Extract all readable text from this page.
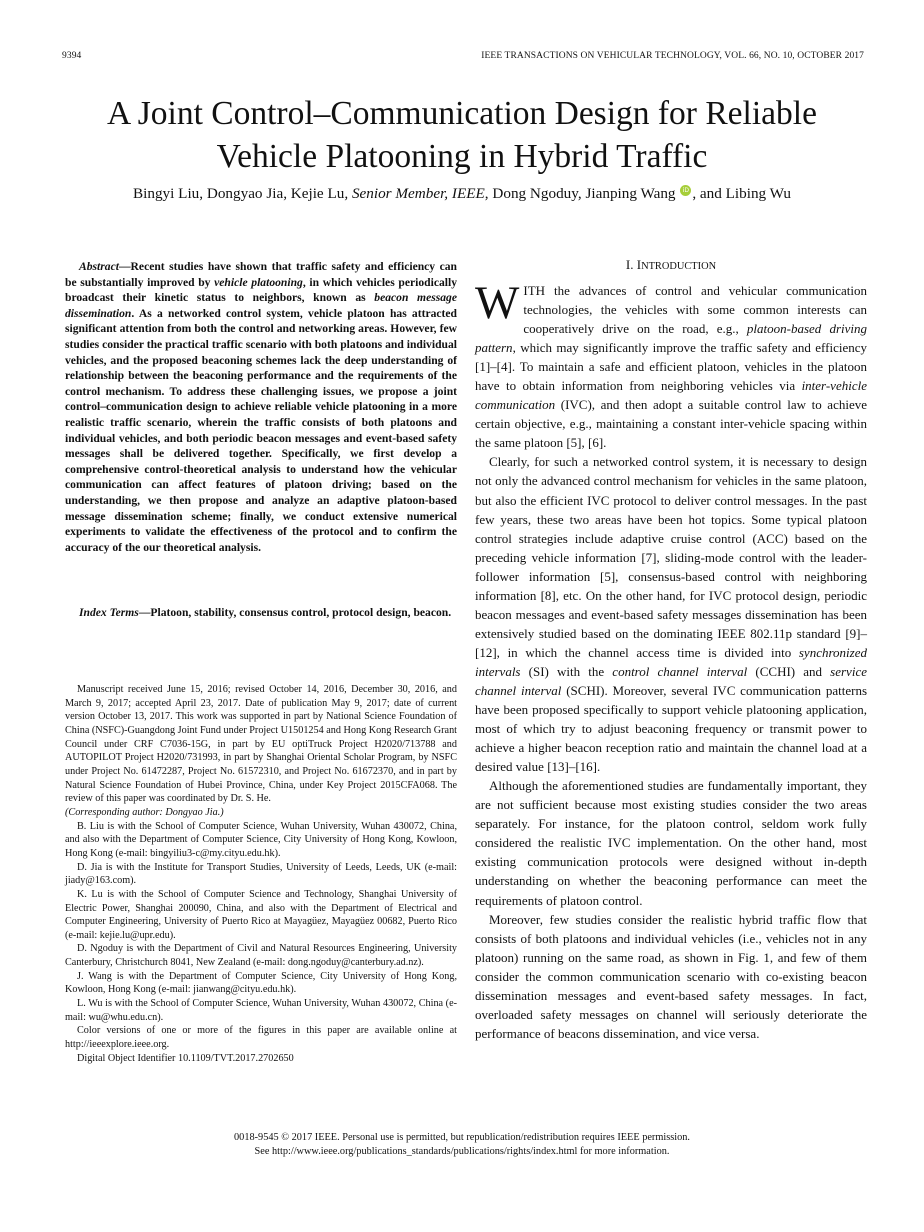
9394	IEEE TRANSACTIONS ON VEHICULAR TECHNOLOGY, VOL. 66, NO. 10, OCTOBER 2017
A Joint Control–Communication Design for Reliable
Vehicle Platooning in Hybrid Traffic
Bingyi Liu, Dongyao Jia, Kejie Lu, Senior Member, IEEE, Dong Ngoduy, Jianping Wang iD , and Libing Wu

Abstract—Recent studies have shown that traffic safety and efficiency can be substantially improved by vehicle platooning, in which vehicles periodically broadcast their kinetic status to neighbors, known as beacon message dissemination. As a networked control system, vehicle platoon has attracted significant attention from both the control and networking areas. However, few studies consider the practical traffic scenario with both platoons and individual vehicles, and the proposed beaconing schemes lack the deep understanding of relationship between the beaconing performance and the requirements of the control mechanism. To address these challenging issues, we propose a joint control–communication design to achieve reliable vehicle platooning in a more realistic traffic scenario, wherein the traffic consists of both platoons and individual vehicles, and both periodic beacon messages and event-based safety messages shall be delivered together. Specifically, we first develop a comprehensive control-theoretical analysis to understand how the vehicular communication can affect features of platoon driving; based on the understanding, we then propose and analyze an adaptive platoon-based message dissemination scheme; finally, we conduct extensive numerical experiments to validate the effectiveness of the protocol and to confirm the accuracy of the our theoretical analysis.

Index Terms—Platoon, stability, consensus control, protocol design, beacon.

Manuscript received June 15, 2016; revised October 14, 2016, December 30, 2016, and March 9, 2017; accepted April 23, 2017. Date of publication May 9, 2017; date of current version October 13, 2017. This work was supported in part by National Science Foundation of China (NSFC)-Guangdong Joint Fund under Project U1501254 and Hong Kong Research Grant Council under CRF C7036-15G, in part by EU optiTruck Project H2020/713788 and AUTOPILOT Project H2020/731993, in part by Shanghai Oriental Scholar Program, by NSFC under Project No. 61472287, Project No. 61572310, and Project No. 61672370, and in part by Natural Science Foundation of Hubei Province, China, under Key Project 2015CFA068. The review of this paper was coordinated by Dr. S. He.

(Corresponding author: Dongyao Jia.)

B. Liu is with the School of Computer Science, Wuhan University, Wuhan 430072, China, and also with the Department of Computer Science, City University of Hong Kong, Kowloon, Hong Kong (e-mail: bingyiliu3-c@my.cityu.edu.hk).

D. Jia is with the Institute for Transport Studies, University of Leeds, Leeds, UK (e-mail: jiady@163.com).

K. Lu is with the School of Computer Science and Technology, Shanghai University of Electric Power, Shanghai 200090, China, and also with the Department of Electrical and Computer Engineering, University of Puerto Rico at Mayagüez, Mayagüez 00682, Puerto Rico (e-mail: kejie.lu@upr.edu).

D. Ngoduy is with the Department of Civil and Natural Resources Engineering, University Canterbury, Christchurch 8041, New Zealand (e-mail: dong.ngoduy@canterbury.ad.nz).

J. Wang is with the Department of Computer Science, City University of Hong Kong, Kowloon, Hong Kong (e-mail: jianwang@cityu.edu.hk).

L. Wu is with the School of Computer Science, Wuhan University, Wuhan 430072, China (e-mail: wu@whu.edu.cn).

Color versions of one or more of the figures in this paper are available online at http://ieeexplore.ieee.org.

Digital Object Identifier 10.1109/TVT.2017.2702650

I. INTRODUCTION

WITH the advances of control and vehicular communication technologies, the vehicles with some common interests can cooperatively drive on the road, e.g., platoon-based driving pattern, which may significantly improve the traffic safety and efficiency [1]–[4]. To maintain a safe and efficient platoon, vehicles in the platoon have to obtain information from neighboring vehicles via inter-vehicle communication (IVC), and then adopt a suitable control law to achieve certain objective, e.g., maintaining a constant inter-vehicle spacing within the same platoon [5], [6].

Clearly, for such a networked control system, it is necessary to design not only the advanced control mechanism for vehicles in the same platoon, but also the efficient IVC protocol to deliver control messages. In the past few years, these two areas have been hot topics. Some typical platoon control strategies include adaptive cruise control (ACC) based on the preceding vehicle information [7], sliding-mode control with the leader-follower information [5], consensus-based control with neighboring information [8], etc. On the other hand, for IVC protocol design, periodic beacon messages and event-based safety messages dissemination has been extensively studied based on the dominating IEEE 802.11p standard [9]–[12], in which the channel access time is divided into synchronized intervals (SI) with the control channel interval (CCHI) and service channel interval (SCHI). Moreover, several IVC communication patterns have been proposed specifically to support vehicle platooning application, most of which try to adjust beaconing frequency or transmit power to achieve a higher beacon reception ratio and maintain the channel load at a desired value [13]–[16].

Although the aforementioned studies are fundamentally important, they are not sufficient because most existing studies consider the two areas separately. For instance, for the platoon control, seldom work fully considered the realistic IVC implementation. On the other hand, most existing communication protocols were designed without in-depth understanding on whether the beaconing performance can meet the requirements of platoon control.

Moreover, few studies consider the realistic hybrid traffic flow that consists of both platoons and individual vehicles (i.e., vehicles not in any platoon) running on the same road, as shown in Fig. 1, and few of them consider the common communication scenario with co-existing beacon dissemination messages and event-based safety messages. In fact, overloaded safety messages on channel will seriously deteriorate the performance of beacons dissemination, and vice versa.

0018-9545 © 2017 IEEE. Personal use is permitted, but republication/redistribution requires IEEE permission.
See http://www.ieee.org/publications_standards/publications/rights/index.html for more information.
